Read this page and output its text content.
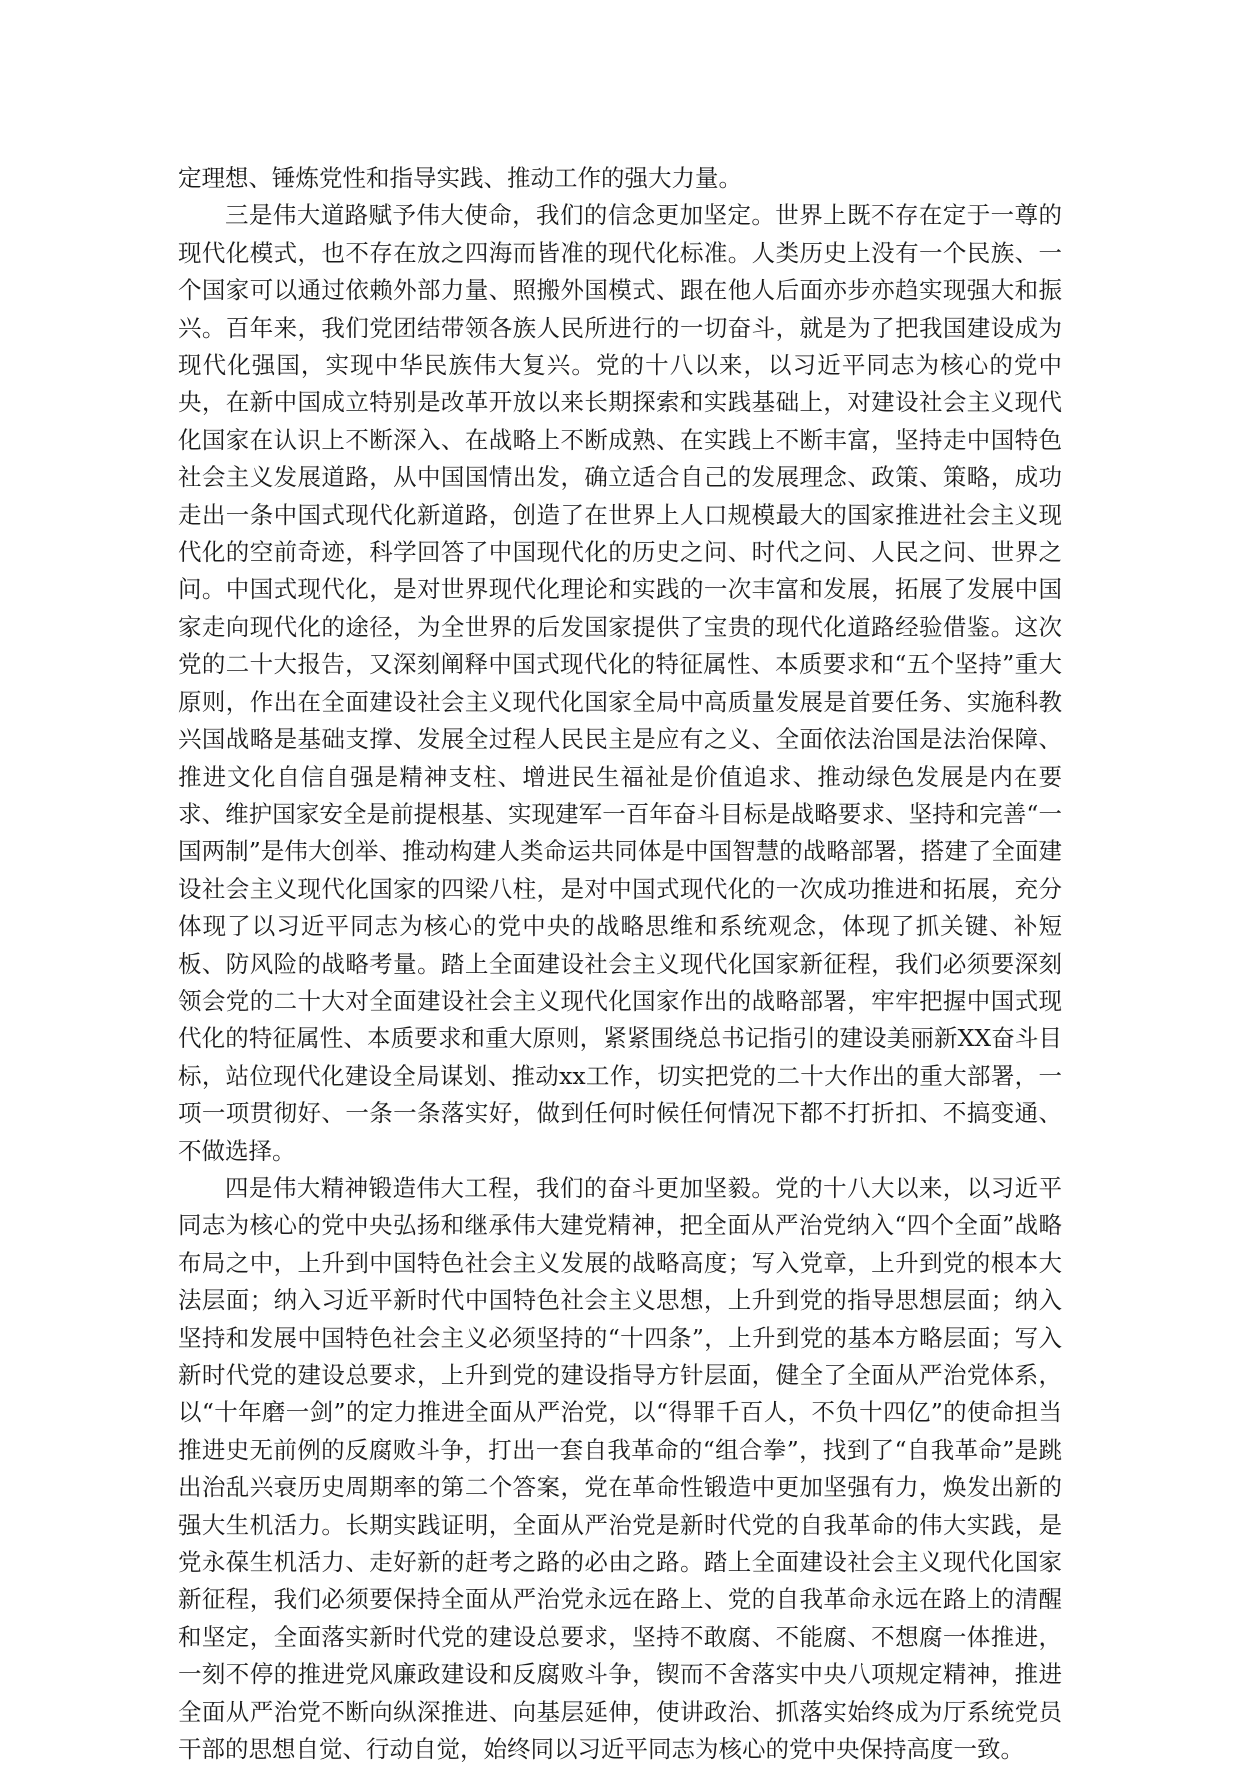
定理想、锤炼党性和指导实践、推动工作的强大力量。

三是伟大道路赋予伟大使命，我们的信念更加坚定。世界上既不存在定于一尊的现代化模式，也不存在放之四海而皆准的现代化标准。人类历史上没有一个民族、一个国家可以通过依赖外部力量、照搬外国模式、跟在他人后面亦步亦趋实现强大和振兴。百年来，我们党团结带领各族人民所进行的一切奋斗，就是为了把我国建设成为现代化强国，实现中华民族伟大复兴。党的十八以来，以习近平同志为核心的党中央，在新中国成立特别是改革开放以来长期探索和实践基础上，对建设社会主义现代化国家在认识上不断深入、在战略上不断成熟、在实践上不断丰富，坚持走中国特色社会主义发展道路，从中国国情出发，确立适合自己的发展理念、政策、策略，成功走出一条中国式现代化新道路，创造了在世界上人口规模最大的国家推进社会主义现代化的空前奇迹，科学回答了中国现代化的历史之问、时代之问、人民之问、世界之问。中国式现代化，是对世界现代化理论和实践的一次丰富和发展，拓展了发展中国家走向现代化的途径，为全世界的后发国家提供了宝贵的现代化道路经验借鉴。这次党的二十大报告，又深刻阐释中国式现代化的特征属性、本质要求和“五个坚持”重大原则，作出在全面建设社会主义现代化国家全局中高质量发展是首要任务、实施科教兴国战略是基础支撑、发展全过程人民民主是应有之义、全面依法治国是法治保障、推进文化自信自强是精神支柱、增进民生福祉是价值追求、推动绿色发展是内在要求、维护国家安全是前提根基、实现建军一百年奋斗目标是战略要求、坚持和完善“一国两制”是伟大创举、推动构建人类命运共同体是中国智慧的战略部署，搭建了全面建设社会主义现代化国家的四梁八柱，是对中国式现代化的一次成功推进和拓展，充分体现了以习近平同志为核心的党中央的战略思维和系统观念，体现了抓关键、补短板、防风险的战略考量。踏上全面建设社会主义现代化国家新征程，我们必须要深刻领会党的二十大对全面建设社会主义现代化国家作出的战略部署，牢牢把握中国式现代化的特征属性、本质要求和重大原则，紧紧围绕总书记指引的建设美丽新XX奋斗目标，站位现代化建设全局谋划、推动xx工作，切实把党的二十大作出的重大部署，一项一项贯彻好、一条一条落实好，做到任何时候任何情况下都不打折扣、不搞变通、不做选择。

四是伟大精神锻造伟大工程，我们的奋斗更加坚毅。党的十八大以来，以习近平同志为核心的党中央弘扬和继承伟大建党精神，把全面从严治党纳入“四个全面”战略布局之中，上升到中国特色社会主义发展的战略高度；写入党章，上升到党的根本大法层面；纳入习近平新时代中国特色社会主义思想，上升到党的指导思想层面；纳入坚持和发展中国特色社会主义必须坚持的“十四条”，上升到党的基本方略层面；写入新时代党的建设总要求，上升到党的建设指导方针层面，健全了全面从严治党体系，以“十年磨一剑”的定力推进全面从严治党，以“得罪千百人，不负十四亿”的使命担当推进史无前例的反腐败斗争，打出一套自我革命的“组合拳”，找到了“自我革命”是跳出治乱兴衰历史周期率的第二个答案，党在革命性锻造中更加坚强有力，焕发出新的强大生机活力。长期实践证明，全面从严治党是新时代党的自我革命的伟大实践，是党永葆生机活力、走好新的赶考之路的必由之路。踏上全面建设社会主义现代化国家新征程，我们必须要保持全面从严治党永远在路上、党的自我革命永远在路上的清醒和坚定，全面落实新时代党的建设总要求，坚持不敢腐、不能腐、不想腐一体推进，一刻不停的推进党风廉政建设和反腐败斗争，锲而不舍落实中央八项规定精神，推进全面从严治党不断向纵深推进、向基层延伸，使讲政治、抓落实始终成为厅系统党员干部的思想自觉、行动自觉，始终同以习近平同志为核心的党中央保持高度一致。
